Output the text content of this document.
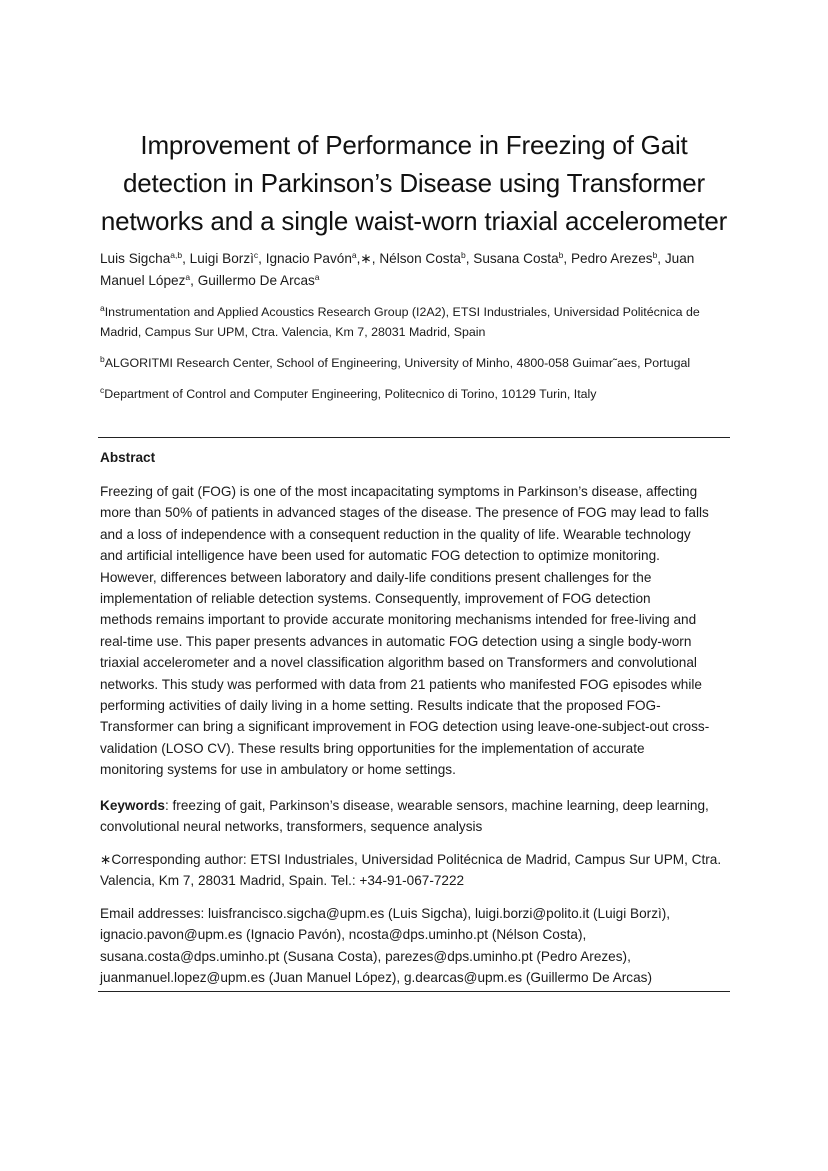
Improvement of Performance in Freezing of Gait
detection in Parkinson’s Disease using Transformer
networks and a single waist-worn triaxial accelerometer
Luis Sigcha$^{a,b}$, Luigi Borzì$^c$, Ignacio Pavón$^a$,∗, Nélson Costa$^b$, Susana Costa$^b$, Pedro Arezes$^b$, Juan
Manuel López$^a$, Guillermo De Arcas$^a$
$^a$Instrumentation and Applied Acoustics Research Group (I2A2), ETSI Industriales, Universidad Politécnica de
Madrid, Campus Sur UPM, Ctra. Valencia, Km 7, 28031 Madrid, Spain
$^b$ALGORITMI Research Center, School of Engineering, University of Minho, 4800-058 Guimar˜aes, Portugal
$^c$Department of Control and Computer Engineering, Politecnico di Torino, 10129 Turin, Italy
Abstract
Freezing of gait (FOG) is one of the most incapacitating symptoms in Parkinson’s disease, affecting
more than 50% of patients in advanced stages of the disease. The presence of FOG may lead to falls
and a loss of independence with a consequent reduction in the quality of life. Wearable technology
and artificial intelligence have been used for automatic FOG detection to optimize monitoring.
However, differences between laboratory and daily-life conditions present challenges for the
implementation of reliable detection systems. Consequently, improvement of FOG detection
methods remains important to provide accurate monitoring mechanisms intended for free-living and
real-time use. This paper presents advances in automatic FOG detection using a single body-worn
triaxial accelerometer and a novel classification algorithm based on Transformers and convolutional
networks. This study was performed with data from 21 patients who manifested FOG episodes while
performing activities of daily living in a home setting. Results indicate that the proposed FOG-
Transformer can bring a significant improvement in FOG detection using leave-one-subject-out cross-
validation (LOSO CV). These results bring opportunities for the implementation of accurate
monitoring systems for use in ambulatory or home settings.
Keywords: freezing of gait, Parkinson’s disease, wearable sensors, machine learning, deep learning,
convolutional neural networks, transformers, sequence analysis
∗Corresponding author: ETSI Industriales, Universidad Politécnica de Madrid, Campus Sur UPM, Ctra.
Valencia, Km 7, 28031 Madrid, Spain. Tel.: +34-91-067-7222
Email addresses: luisfrancisco.sigcha@upm.es (Luis Sigcha), luigi.borzi@polito.it (Luigi Borzì),
ignacio.pavon@upm.es (Ignacio Pavón), ncosta@dps.uminho.pt (Nélson Costa),
susana.costa@dps.uminho.pt (Susana Costa), parezes@dps.uminho.pt (Pedro Arezes),
juanmanuel.lopez@upm.es (Juan Manuel López), g.dearcas@upm.es (Guillermo De Arcas)
